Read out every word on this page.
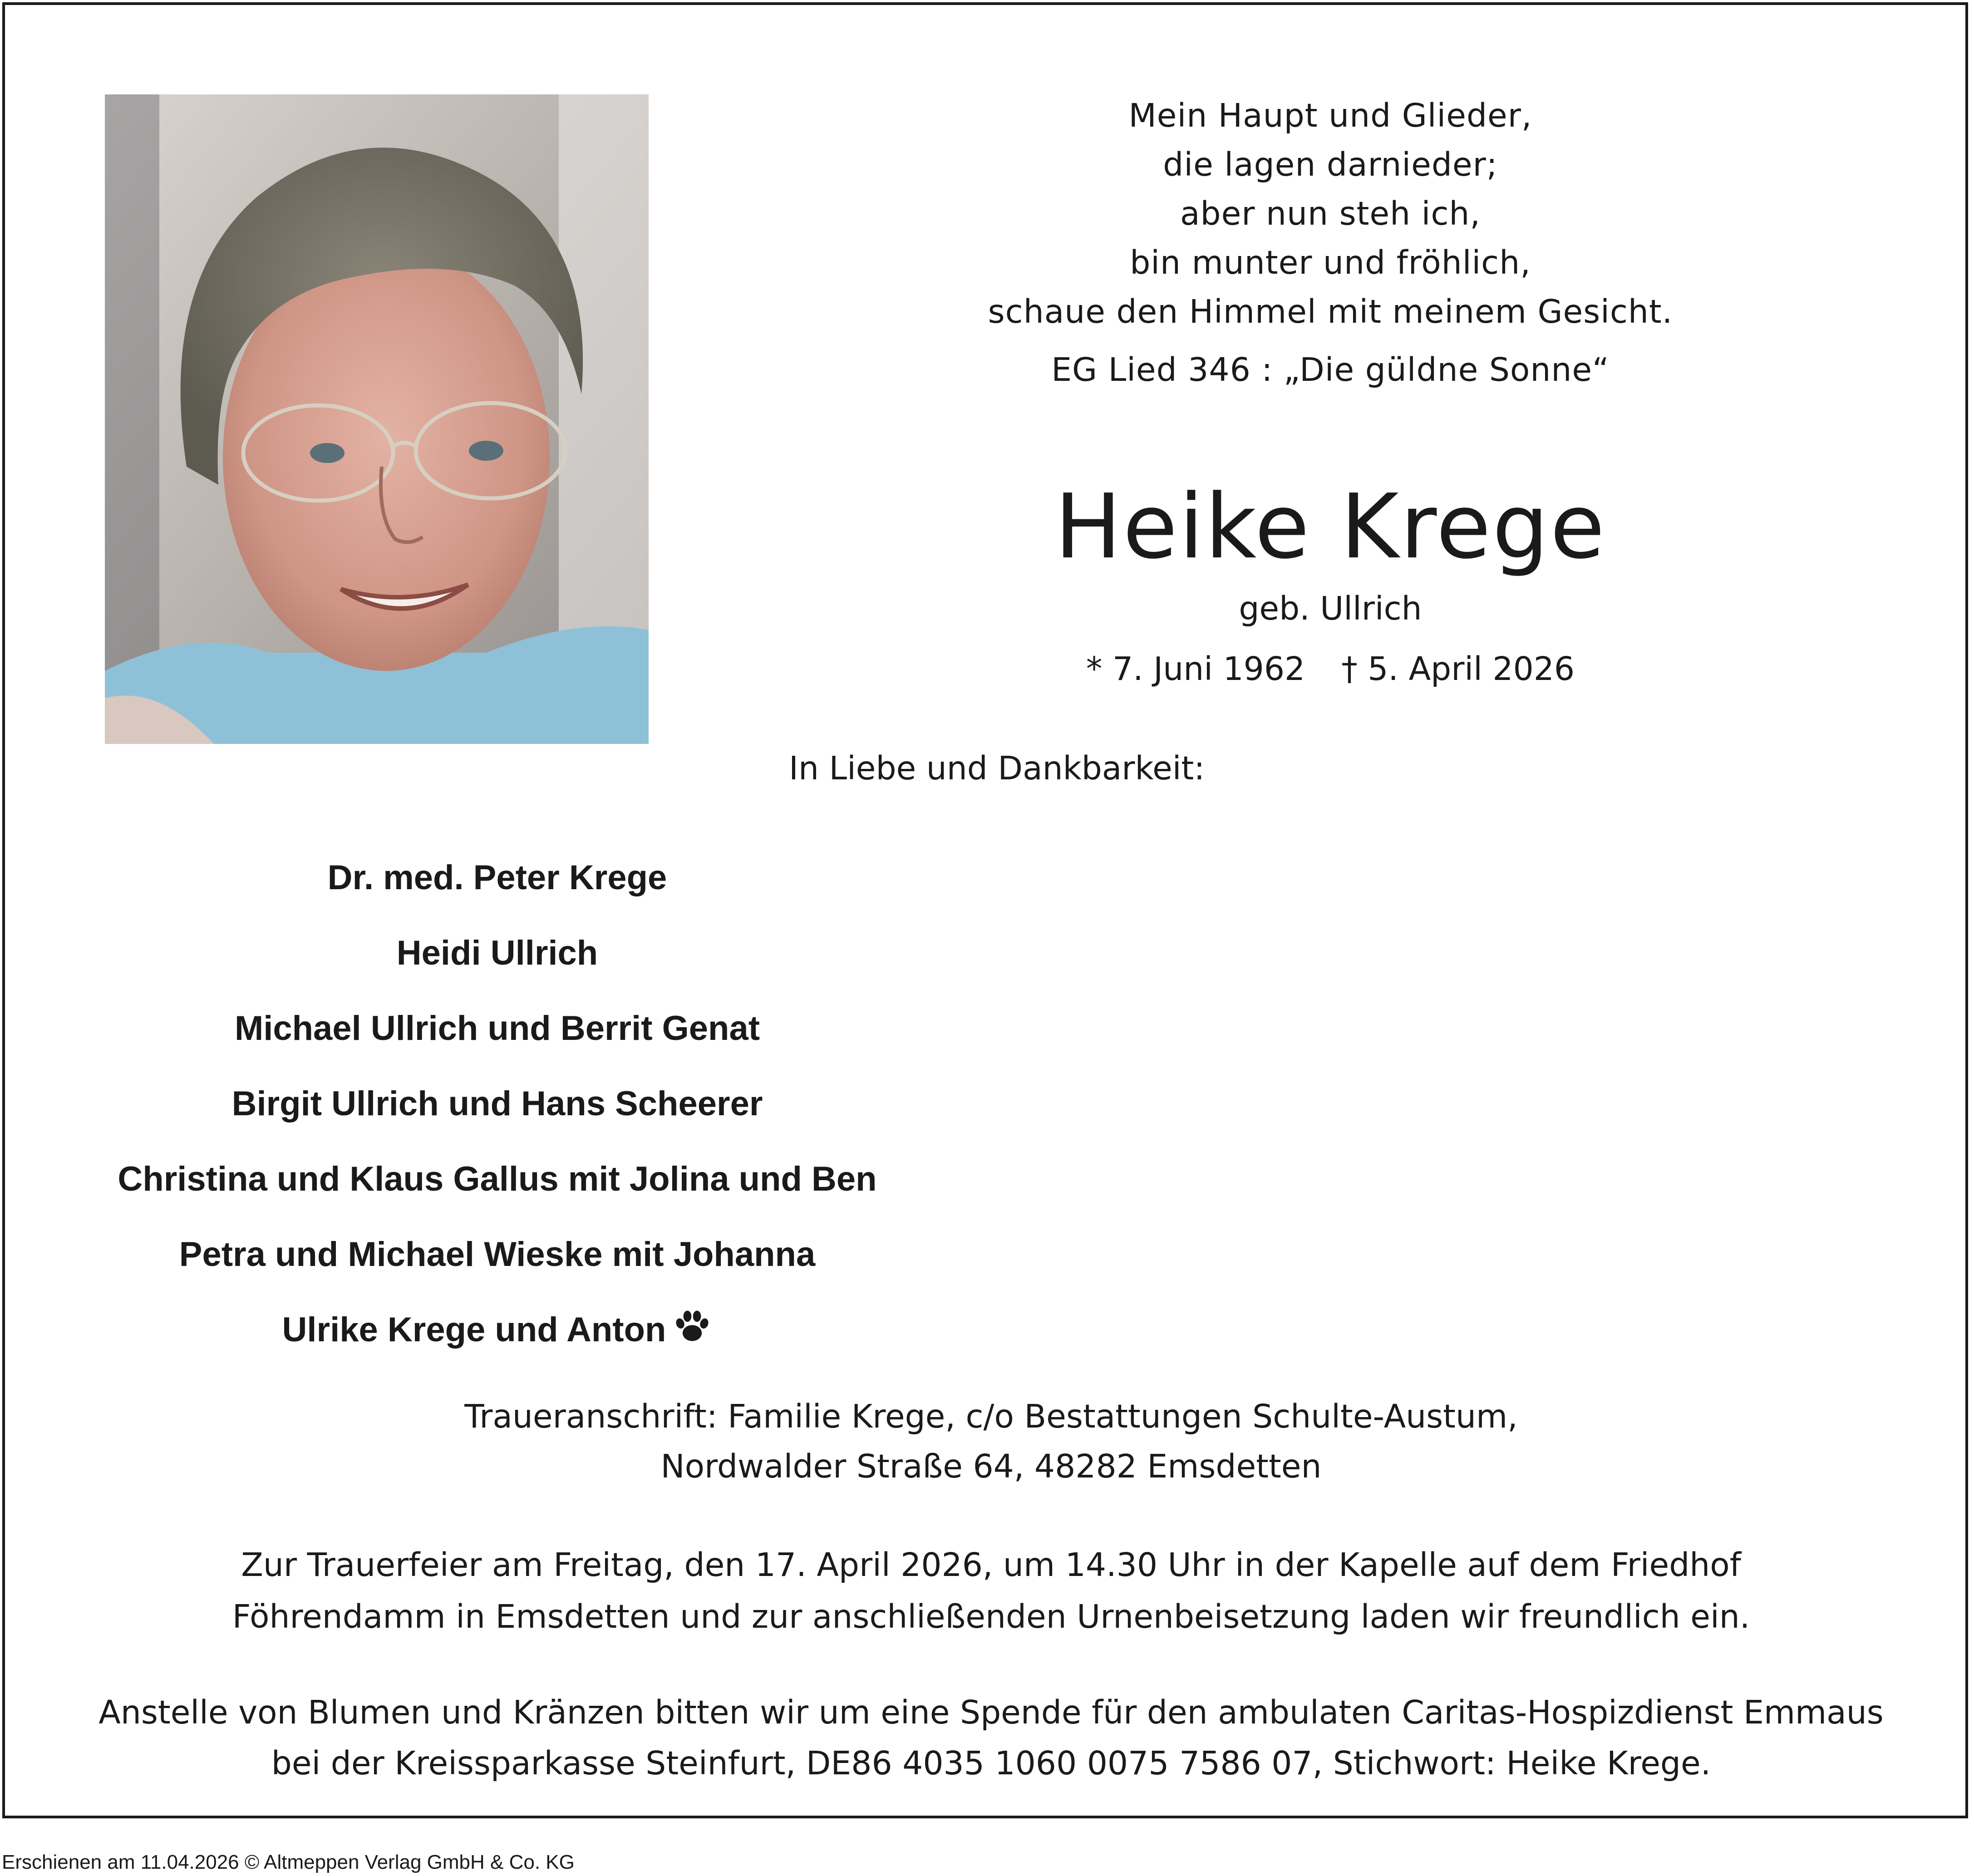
Mein Haupt und Glieder,
die lagen darnieder;
aber nun steh ich,
bin munter und fröhlich,
schaue den Himmel mit meinem Gesicht.
EG Lied 346 : „Die güldne Sonne“
Heike Krege
geb. Ullrich
* 7. Juni 1962 † 5. April 2026
In Liebe und Dankbarkeit:
Dr. med. Peter Krege
Heidi Ullrich
Michael Ullrich und Berrit Genat
Birgit Ullrich und Hans Scheerer
Christina und Klaus Gallus mit Jolina und Ben
Petra und Michael Wieske mit Johanna
Ulrike Krege und Anton
Traueranschrift: Familie Krege, c/o Bestattungen Schulte-Austum,
Nordwalder Straße 64, 48282 Emsdetten
Zur Trauerfeier am Freitag, den 17. April 2026, um 14.30 Uhr in der Kapelle auf dem Friedhof
Föhrendamm in Emsdetten und zur anschließenden Urnenbeisetzung laden wir freundlich ein.
Anstelle von Blumen und Kränzen bitten wir um eine Spende für den ambulaten Caritas-Hospizdienst Emmaus
bei der Kreissparkasse Steinfurt, DE86 4035 1060 0075 7586 07, Stichwort: Heike Krege.
Erschienen am 11.04.2026 © Altmeppen Verlag GmbH & Co. KG
